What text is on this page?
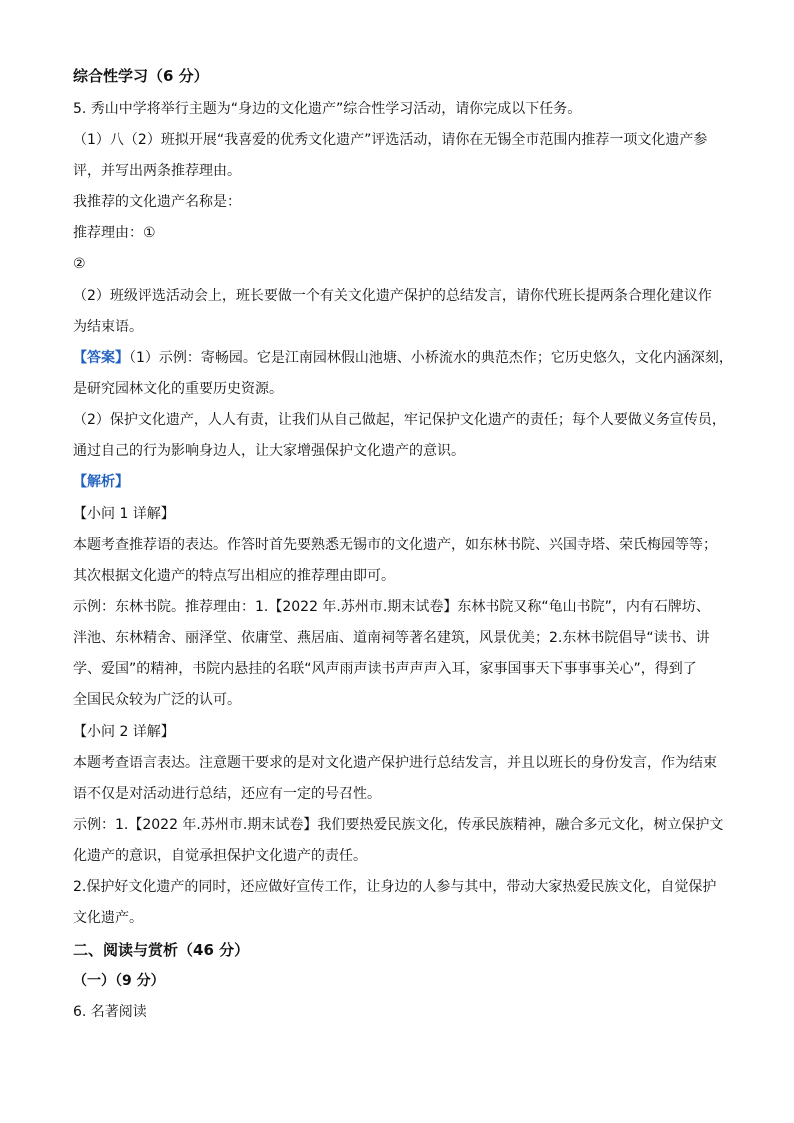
综合性学习（6 分）
5. 秀山中学将举行主题为“身边的文化遗产”综合性学习活动，请你完成以下任务。
（1）八（2）班拟开展“我喜爱的优秀文化遗产”评选活动，请你在无锡全市范围内推荐一项文化遗产参
评，并写出两条推荐理由。
我推荐的文化遗产名称是：
推荐理由：①
②
（2）班级评选活动会上，班长要做一个有关文化遗产保护的总结发言，请你代班长提两条合理化建议作
为结束语。
【答案】（1）示例：寄畅园。它是江南园林假山池塘、小桥流水的典范杰作；它历史悠久，文化内涵深刻，
是研究园林文化的重要历史资源。
（2）保护文化遗产，人人有责，让我们从自己做起，牢记保护文化遗产的责任；每个人要做义务宣传员，
通过自己的行为影响身边人，让大家增强保护文化遗产的意识。
【解析】
【小问 1 详解】
本题考查推荐语的表达。作答时首先要熟悉无锡市的文化遗产，如东林书院、兴国寺塔、荣氏梅园等等；
其次根据文化遗产的特点写出相应的推荐理由即可。
示例：东林书院。推荐理由：1.【2022 年.苏州市.期末试卷】东林书院又称“龟山书院”，内有石牌坊、
泮池、东林精舍、丽泽堂、依庸堂、燕居庙、道南祠等著名建筑，风景优美；2.东林书院倡导“读书、讲
学、爱国”的精神，书院内悬挂的名联“风声雨声读书声声声入耳，家事国事天下事事事关心”，得到了
全国民众较为广泛的认可。
【小问 2 详解】
本题考查语言表达。注意题干要求的是对文化遗产保护进行总结发言，并且以班长的身份发言，作为结束
语不仅是对活动进行总结，还应有一定的号召性。
示例：1.【2022 年.苏州市.期末试卷】我们要热爱民族文化，传承民族精神，融合多元文化，树立保护文
化遗产的意识，自觉承担保护文化遗产的责任。
2.保护好文化遗产的同时，还应做好宣传工作，让身边的人参与其中，带动大家热爱民族文化，自觉保护
文化遗产。
二、阅读与赏析（46 分）
（一）（9 分）
6. 名著阅读
